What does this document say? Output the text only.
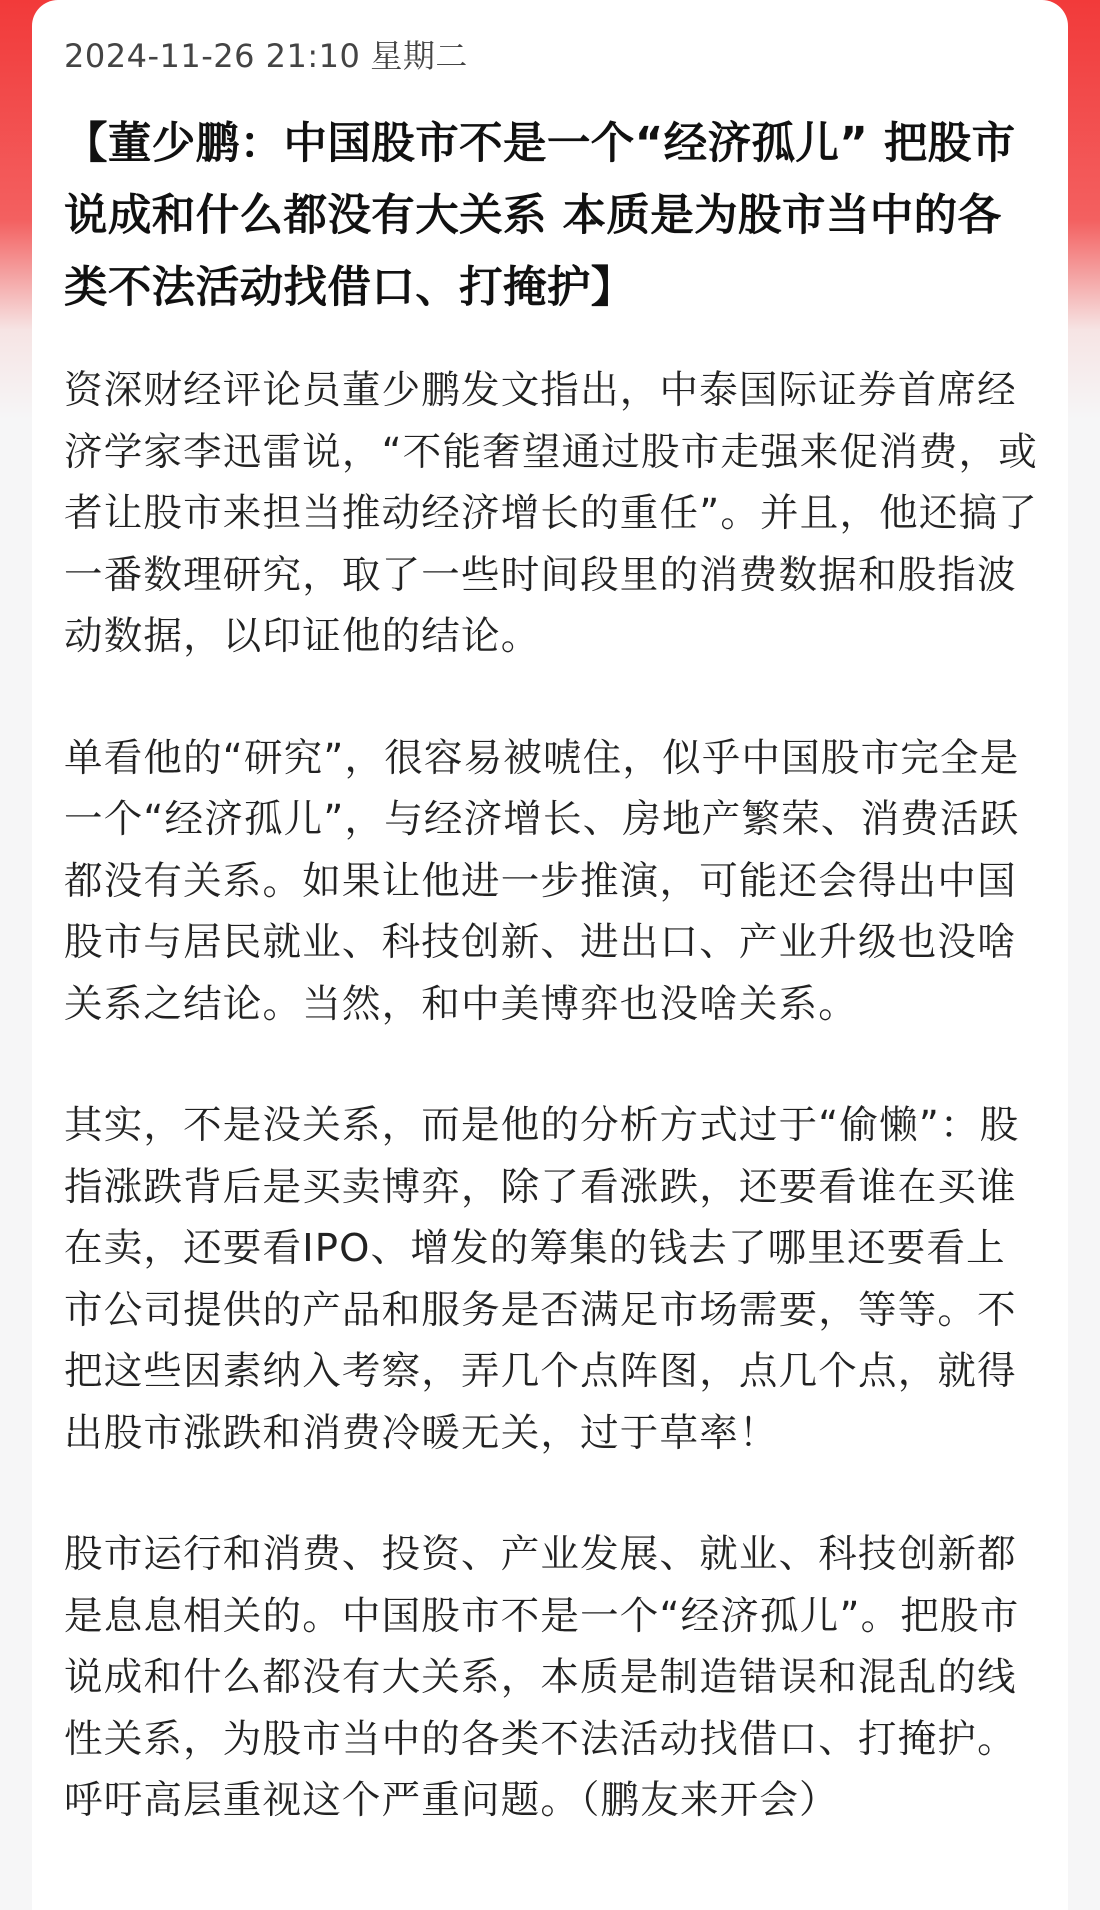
2024-11-26 21:10 星期二
【董少鹏：中国股市不是一个“经济孤儿” 把股市说成和什么都没有大关系 本质是为股市当中的各类不法活动找借口、打掩护】

资深财经评论员董少鹏发文指出，中泰国际证券首席经济学家李迅雷说，“不能奢望通过股市走强来促消费，或者让股市来担当推动经济增长的重任”。并且，他还搞了一番数理研究，取了一些时间段里的消费数据和股指波动数据，以印证他的结论。

单看他的“研究”，很容易被唬住，似乎中国股市完全是一个“经济孤儿”，与经济增长、房地产繁荣、消费活跃都没有关系。如果让他进一步推演，可能还会得出中国股市与居民就业、科技创新、进出口、产业升级也没啥关系之结论。当然，和中美博弈也没啥关系。

其实，不是没关系，而是他的分析方式过于“偷懒”：股指涨跌背后是买卖博弈，除了看涨跌，还要看谁在买谁在卖，还要看IPO、增发的筹集的钱去了哪里还要看上市公司提供的产品和服务是否满足市场需要，等等。不把这些因素纳入考察，弄几个点阵图，点几个点，就得出股市涨跌和消费冷暖无关，过于草率！

股市运行和消费、投资、产业发展、就业、科技创新都是息息相关的。中国股市不是一个“经济孤儿”。把股市说成和什么都没有大关系，本质是制造错误和混乱的线性关系，为股市当中的各类不法活动找借口、打掩护。呼吁高层重视这个严重问题。（鹏友来开会）
